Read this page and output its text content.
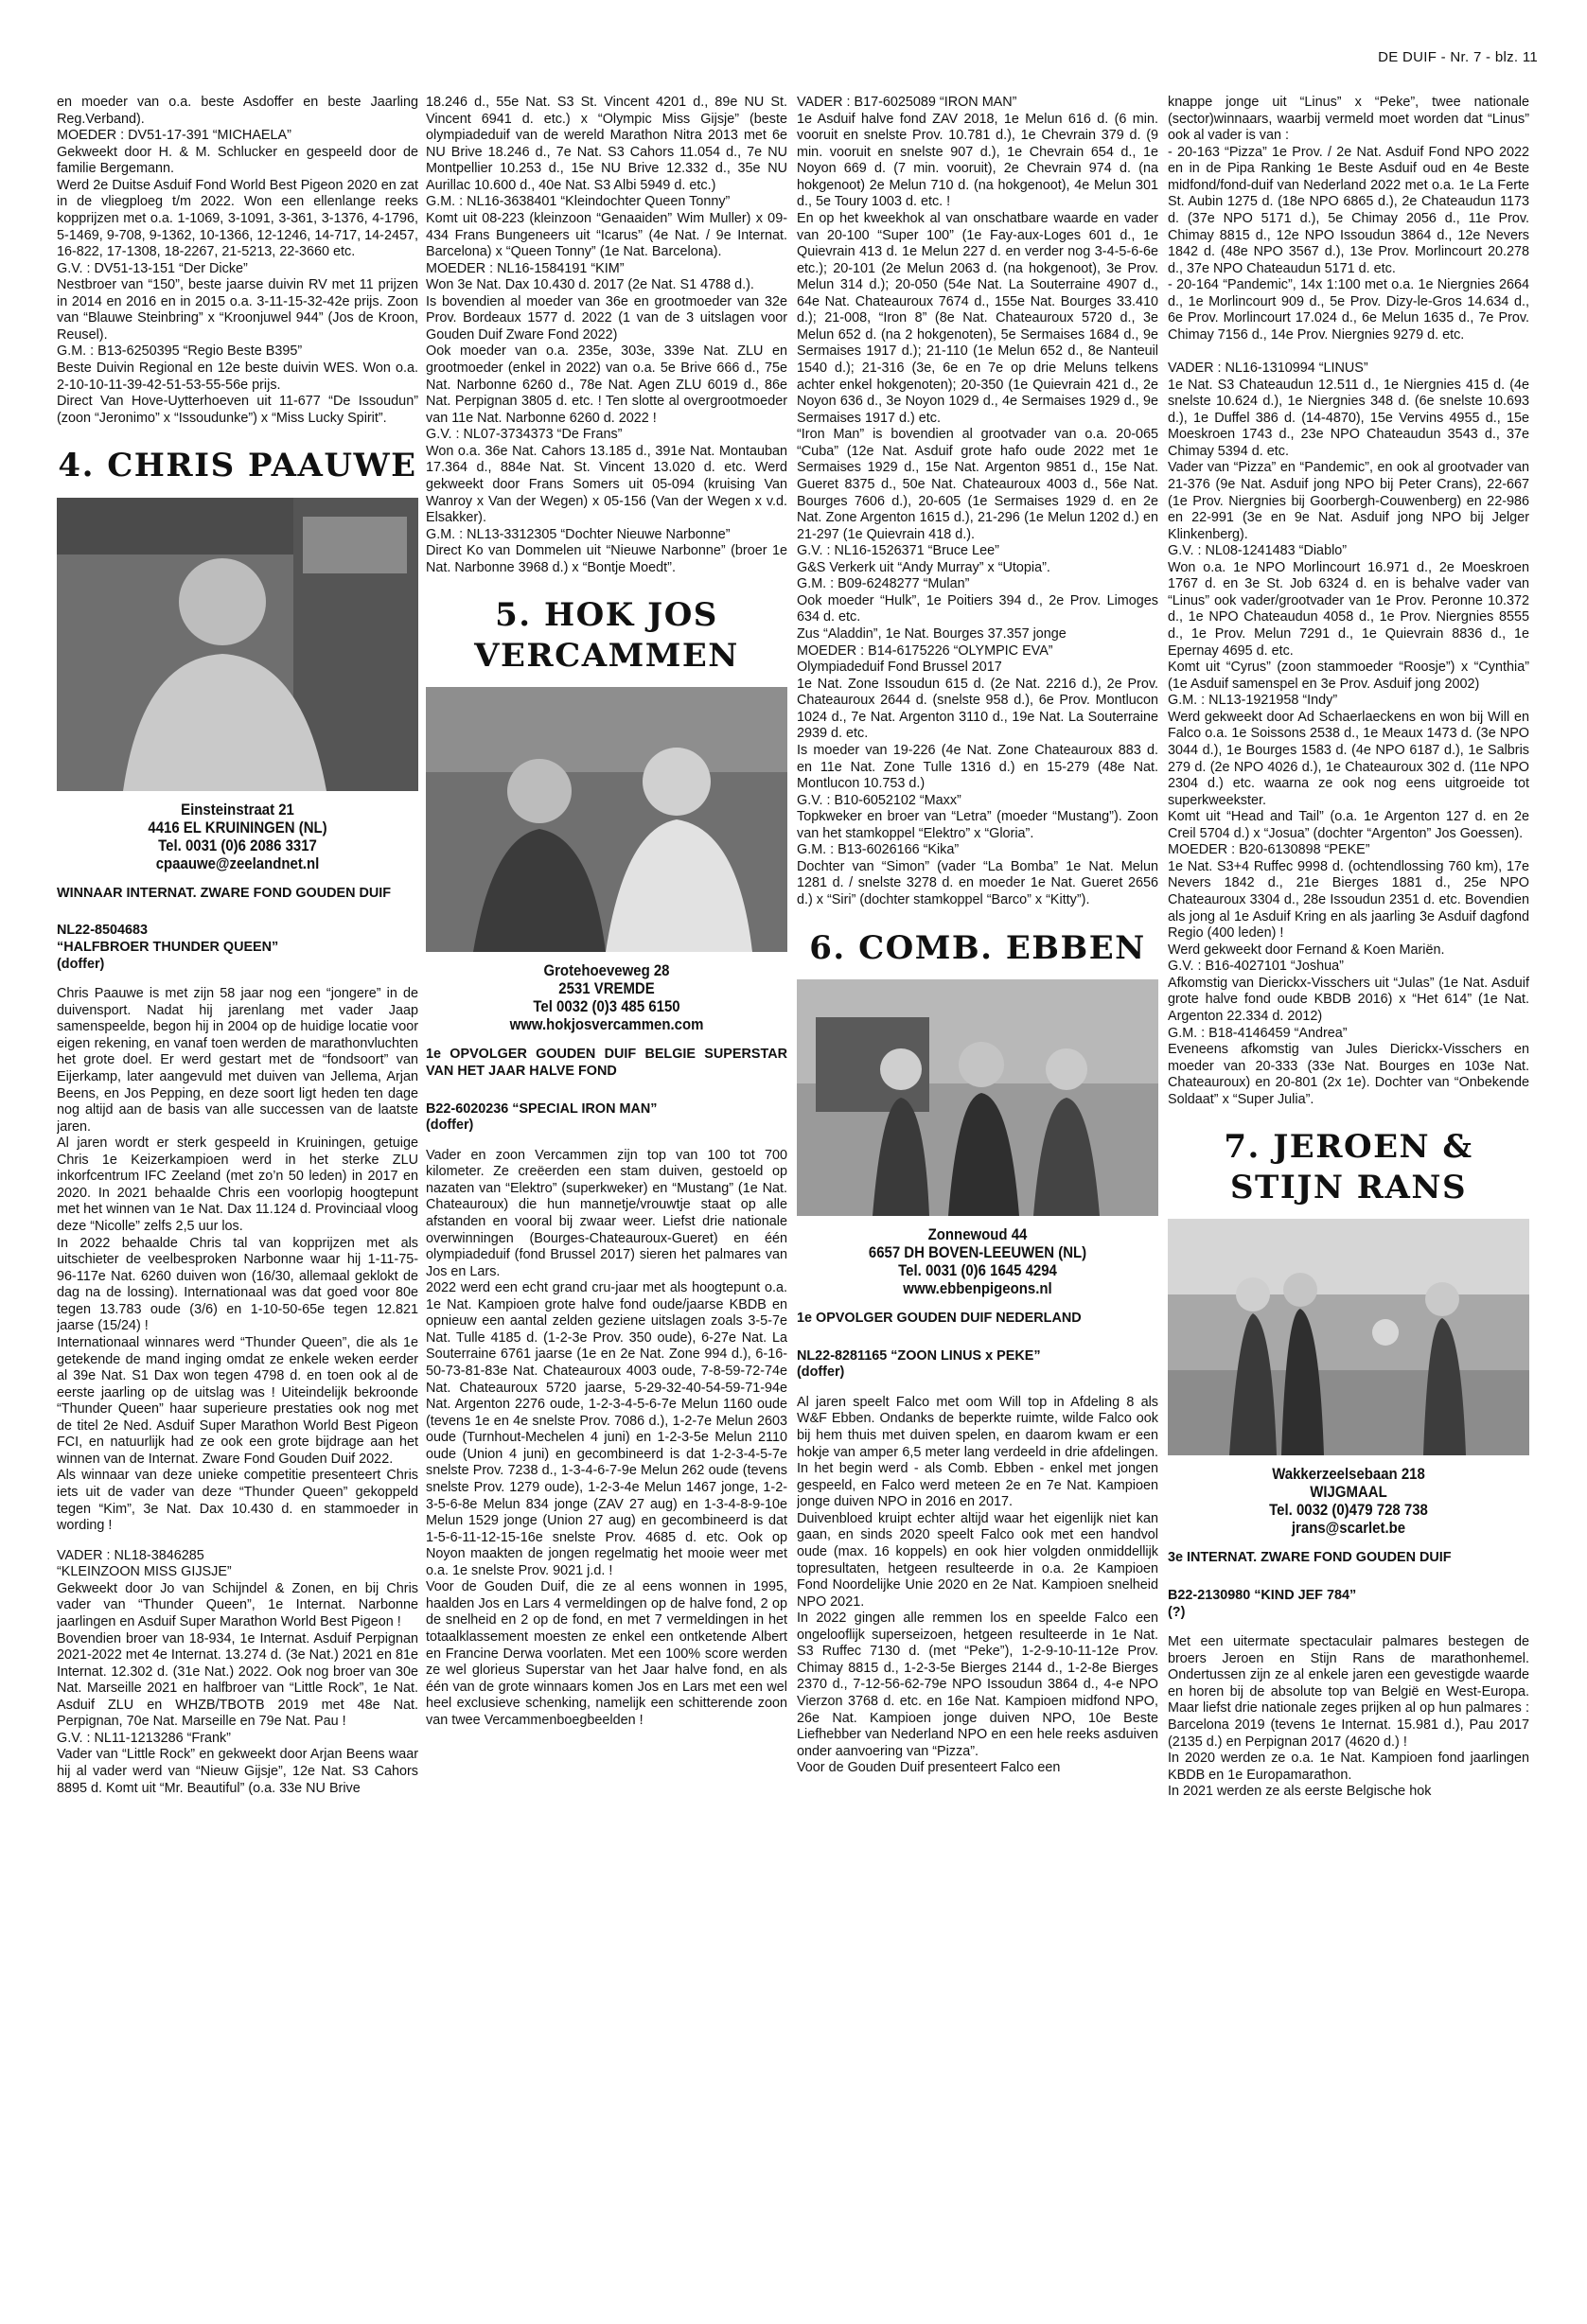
DE DUIF - Nr. 7 - blz. 11

en moeder van o.a. beste Asdoffer en beste Jaarling Reg.Verband).
MOEDER : DV51-17-391 “MICHAELA”
Gekweekt door H. & M. Schlucker en gespeeld door de familie Bergemann.
Werd 2e Duitse Asduif Fond World Best Pigeon 2020 en zat in de vliegploeg t/m 2022. Won een ellenlange reeks kopprijzen met o.a. 1-1069, 3-1091, 3-361, 3-1376, 4-1796, 5-1469, 9-708, 9-1362, 10-1366, 12-1246, 14-717, 14-2457, 16-822, 17-1308, 18-2267, 21-5213, 22-3660 etc.
G.V. : DV51-13-151 “Der Dicke”
Nestbroer van “150”, beste jaarse duivin RV met 11 prijzen in 2014 en 2016 en in 2015 o.a. 3-11-15-32-42e prijs. Zoon van “Blauwe Steinbring” x “Kroonjuwel 944” (Jos de Kroon, Reusel).
G.M. : B13-6250395 “Regio Beste B395”
Beste Duivin Regional en 12e beste duivin WES. Won o.a. 2-10-10-11-39-42-51-53-55-56e prijs.
Direct Van Hove-Uytterhoeven uit 11-677 “De Issoudun” (zoon “Jeronimo” x “Issoudunke”) x “Miss Lucky Spirit”.

4. CHRIS PAAUWE
Einsteinstraat 21
4416 EL KRUININGEN (NL)
Tel. 0031 (0)6 2086 3317
cpaauwe@zeelandnet.nl

WINNAAR INTERNAT. ZWARE FOND GOUDEN DUIF

NL22-8504683
“HALFBROER THUNDER QUEEN”
(doffer)

Chris Paauwe is met zijn 58 jaar nog een “jongere” in de duivensport. Nadat hij jarenlang met vader Jaap samenspeelde, begon hij in 2004 op de huidige locatie voor eigen rekening, en vanaf toen werden de marathonvluchten het grote doel. Er werd gestart met de “fondsoort” van Eijerkamp, later aangevuld met duiven van Jellema, Arjan Beens, en Jos Pepping, en deze soort ligt heden ten dage nog altijd aan de basis van alle successen van de laatste jaren.
Al jaren wordt er sterk gespeeld in Kruiningen, getuige Chris 1e Keizerkampioen werd in het sterke ZLU inkorfcentrum IFC Zeeland (met zo’n 50 leden) in 2017 en 2020. In 2021 behaalde Chris een voorlopig hoogtepunt met het winnen van 1e Nat. Dax 11.124 d. Provinciaal vloog deze “Nicolle” zelfs 2,5 uur los.
In 2022 behaalde Chris tal van kopprijzen met als uitschieter de veelbesproken Narbonne waar hij 1-11-75-96-117e Nat. 6260 duiven won (16/30, allemaal geklokt de dag na de lossing). Internationaal was dat goed voor 80e tegen 13.783 oude (3/6) en 1-10-50-65e tegen 12.821 jaarse (15/24) !
Internationaal winnares werd “Thunder Queen”, die als 1e getekende de mand inging omdat ze enkele weken eerder al 39e Nat. S1 Dax won tegen 4798 d. en toen ook al de eerste jaarling op de uitslag was ! Uiteindelijk bekroonde “Thunder Queen” haar superieure prestaties ook nog met de titel 2e Ned. Asduif Super Marathon World Best Pigeon FCI, en natuurlijk had ze ook een grote bijdrage aan het winnen van de Internat. Zware Fond Gouden Duif 2022.
Als winnaar van deze unieke competitie presenteert Chris iets uit de vader van deze “Thunder Queen” gekoppeld tegen “Kim”, 3e Nat. Dax 10.430 d. en stammoeder in wording !

VADER : NL18-3846285
“KLEINZOON MISS GIJSJE”
Gekweekt door Jo van Schijndel & Zonen, en bij Chris vader van “Thunder Queen”, 1e Internat. Narbonne jaarlingen en Asduif Super Marathon World Best Pigeon !
Bovendien broer van 18-934, 1e Internat. Asduif Perpignan 2021-2022 met 4e Internat. 13.274 d. (3e Nat.) 2021 en 81e Internat. 12.302 d. (31e Nat.) 2022. Ook nog broer van 30e Nat. Marseille 2021 en halfbroer van “Little Rock”, 1e Nat. Asduif ZLU en WHZB/TBOTB 2019 met 48e Nat. Perpignan, 70e Nat. Marseille en 79e Nat. Pau !
G.V. : NL11-1213286 “Frank”
Vader van “Little Rock” en gekweekt door Arjan Beens waar hij al vader werd van “Nieuw Gijsje”, 12e Nat. S3 Cahors 8895 d. Komt uit “Mr. Beautiful” (o.a. 33e NU Brive

18.246 d., 55e Nat. S3 St. Vincent 4201 d., 89e NU St. Vincent 6941 d. etc.) x “Olympic Miss Gijsje” (beste olympiadeduif van de wereld Marathon Nitra 2013 met 6e NU Brive 18.246 d., 7e Nat. S3 Cahors 11.054 d., 7e NU Montpellier 10.253 d., 15e NU Brive 12.332 d., 35e NU Aurillac 10.600 d., 40e Nat. S3 Albi 5949 d. etc.)
G.M. : NL16-3638401 “Kleindochter Queen Tonny”
Komt uit 08-223 (kleinzoon “Genaaiden” Wim Muller) x 09-434 Frans Bungeneers uit “Icarus” (4e Nat. / 9e Internat. Barcelona) x “Queen Tonny” (1e Nat. Barcelona).
MOEDER : NL16-1584191 “KIM”
Won 3e Nat. Dax 10.430 d. 2017 (2e Nat. S1 4788 d.).
Is bovendien al moeder van 36e en grootmoeder van 32e Prov. Bordeaux 1577 d. 2022 (1 van de 3 uitslagen voor Gouden Duif Zware Fond 2022)
Ook moeder van o.a. 235e, 303e, 339e Nat. ZLU en grootmoeder (enkel in 2022) van o.a. 5e Brive 666 d., 75e Nat. Narbonne 6260 d., 78e Nat. Agen ZLU 6019 d., 86e Nat. Perpignan 3805 d. etc. ! Ten slotte al overgrootmoeder van 11e Nat. Narbonne 6260 d. 2022 !
G.V. : NL07-3734373 “De Frans”
Won o.a. 36e Nat. Cahors 13.185 d., 391e Nat. Montauban 17.364 d., 884e Nat. St. Vincent 13.020 d. etc. Werd gekweekt door Frans Somers uit 05-094 (kruising Van Wanroy x Van der Wegen) x 05-156 (Van der Wegen x v.d. Elsakker).
G.M. : NL13-3312305 “Dochter Nieuwe Narbonne”
Direct Ko van Dommelen uit “Nieuwe Narbonne” (broer 1e Nat. Narbonne 3968 d.) x “Bontje Moedt”.

5. HOK JOS VERCAMMEN
Grotehoeveweg 28
2531 VREMDE
Tel 0032 (0)3 485 6150
www.hokjosvercammen.com

1e OPVOLGER GOUDEN DUIF BELGIE SUPERSTAR VAN HET JAAR HALVE FOND

B22-6020236 “SPECIAL IRON MAN”
(doffer)

Vader en zoon Vercammen zijn top van 100 tot 700 kilometer. Ze creëerden een stam duiven, gestoeld op nazaten van “Elektro” (superkweker) en “Mustang” (1e Nat. Chateauroux) die hun mannetje/vrouwtje staat op alle afstanden en vooral bij zwaar weer. Liefst drie nationale overwinningen (Bourges-Chateauroux-Gueret) en één olympiadeduif (fond Brussel 2017) sieren het palmares van Jos en Lars.
2022 werd een echt grand cru-jaar met als hoogtepunt o.a. 1e Nat. Kampioen grote halve fond oude/jaarse KBDB en opnieuw een aantal zelden geziene uitslagen zoals 3-5-7e Nat. Tulle 4185 d. (1-2-3e Prov. 350 oude), 6-27e Nat. La Souterraine 6761 jaarse (1e en 2e Nat. Zone 994 d.), 6-16-50-73-81-83e Nat. Chateauroux 4003 oude, 7-8-59-72-74e Nat. Chateauroux 5720 jaarse, 5-29-32-40-54-59-71-94e Nat. Argenton 2276 oude, 1-2-3-4-5-6-7e Melun 1160 oude (tevens 1e en 4e snelste Prov. 7086 d.), 1-2-7e Melun 2603 oude (Turnhout-Mechelen 4 juni) en 1-2-3-5e Melun 2110 oude (Union 4 juni) en gecombineerd is dat 1-2-3-4-5-7e snelste Prov. 7238 d., 1-3-4-6-7-9e Melun 262 oude (tevens snelste Prov. 1279 oude), 1-2-3-4e Melun 1467 jonge, 1-2-3-5-6-8e Melun 834 jonge (ZAV 27 aug) en 1-3-4-8-9-10e Melun 1529 jonge (Union 27 aug) en gecombineerd is dat 1-5-6-11-12-15-16e snelste Prov. 4685 d. etc. Ook op Noyon maakten de jongen regelmatig het mooie weer met o.a. 1e snelste Prov. 9021 j.d. !
Voor de Gouden Duif, die ze al eens wonnen in 1995, haalden Jos en Lars 4 vermeldingen op de halve fond, 2 op de snelheid en 2 op de fond, en met 7 vermeldingen in het totaalklassement moesten ze enkel een ontketende Albert en Francine Derwa voorlaten. Met een 100% score werden ze wel glorieus Superstar van het Jaar halve fond, en als één van de grote winnaars komen Jos en Lars met een wel heel exclusieve schenking, namelijk een schitterende zoon van twee Vercammenboegbeelden !

VADER : B17-6025089 “IRON MAN”
1e Asduif halve fond ZAV 2018, 1e Melun 616 d. (6 min. vooruit en snelste Prov. 10.781 d.), 1e Chevrain 379 d. (9 min. vooruit en snelste 907 d.), 1e Chevrain 654 d., 1e Noyon 669 d. (7 min. vooruit), 2e Chevrain 974 d. (na hokgenoot) 2e Melun 710 d. (na hokgenoot), 4e Melun 301 d., 5e Toury 1003 d. etc. !
En op het kweekhok al van onschatbare waarde en vader van 20-100 “Super 100” (1e Fay-aux-Loges 601 d., 1e Quievrain 413 d. 1e Melun 227 d. en verder nog 3-4-5-6-6e etc.); 20-101 (2e Melun 2063 d. (na hokgenoot), 3e Prov. Melun 314 d.); 20-050 (54e Nat. La Souterraine 4907 d., 64e Nat. Chateauroux 7674 d., 155e Nat. Bourges 33.410 d.); 21-008, “Iron 8” (8e Nat. Chateauroux 5720 d., 3e Melun 652 d. (na 2 hokgenoten), 5e Sermaises 1684 d., 9e Sermaises 1917 d.); 21-110 (1e Melun 652 d., 8e Nanteuil 1540 d.); 21-316 (3e, 6e en 7e op drie Meluns telkens achter enkel hokgenoten); 20-350 (1e Quievrain 421 d., 2e Noyon 636 d., 3e Noyon 1029 d., 4e Sermaises 1929 d., 9e Sermaises 1917 d.) etc.
“Iron Man” is bovendien al grootvader van o.a. 20-065 “Cuba” (12e Nat. Asduif grote hafo oude 2022 met 1e Sermaises 1929 d., 15e Nat. Argenton 9851 d., 15e Nat. Gueret 8375 d., 50e Nat. Chateauroux 4003 d., 56e Nat. Bourges 7606 d.), 20-605 (1e Sermaises 1929 d. en 2e Nat. Zone Argenton 1615 d.), 21-296 (1e Melun 1202 d.) en 21-297 (1e Quievrain 418 d.).
G.V. : NL16-1526371 “Bruce Lee”
G&S Verkerk uit “Andy Murray” x “Utopia”.
G.M. : B09-6248277 “Mulan”
Ook moeder “Hulk”, 1e Poitiers 394 d., 2e Prov. Limoges 634 d. etc.
Zus “Aladdin”, 1e Nat. Bourges 37.357 jonge
MOEDER : B14-6175226 “OLYMPIC EVA”
Olympiadeduif Fond Brussel 2017
1e Nat. Zone Issoudun 615 d. (2e Nat. 2216 d.), 2e Prov. Chateauroux 2644 d. (snelste 958 d.), 6e Prov. Montlucon 1024 d., 7e Nat. Argenton 3110 d., 19e Nat. La Souterraine 2939 d. etc.
Is moeder van 19-226 (4e Nat. Zone Chateauroux 883 d. en 11e Nat. Zone Tulle 1316 d.) en 15-279 (48e Nat. Montlucon 10.753 d.)
G.V. : B10-6052102 “Maxx”
Topkweker en broer van “Letra” (moeder “Mustang”). Zoon van het stamkoppel “Elektro” x “Gloria”.
G.M. : B13-6026166 “Kika”
Dochter van “Simon” (vader “La Bomba” 1e Nat. Melun 1281 d. / snelste 3278 d. en moeder 1e Nat. Gueret 2656 d.) x “Siri” (dochter stamkoppel “Barco” x “Kitty”).

6. COMB. EBBEN
Zonnewoud 44
6657 DH BOVEN-LEEUWEN (NL)
Tel. 0031 (0)6 1645 4294
www.ebbenpigeons.nl

1e OPVOLGER GOUDEN DUIF NEDERLAND

NL22-8281165 “ZOON LINUS x PEKE”
(doffer)

Al jaren speelt Falco met oom Will top in Afdeling 8 als W&F Ebben. Ondanks de beperkte ruimte, wilde Falco ook bij hem thuis met duiven spelen, en daarom kwam er een hokje van amper 6,5 meter lang verdeeld in drie afdelingen. In het begin werd - als Comb. Ebben - enkel met jongen gespeeld, en Falco werd meteen 2e en 7e Nat. Kampioen jonge duiven NPO in 2016 en 2017.
Duivenbloed kruipt echter altijd waar het eigenlijk niet kan gaan, en sinds 2020 speelt Falco ook met een handvol oude (max. 16 koppels) en ook hier volgden onmiddellijk topresultaten, hetgeen resulteerde in o.a. 2e Kampioen Fond Noordelijke Unie 2020 en 2e Nat. Kampioen snelheid NPO 2021.
In 2022 gingen alle remmen los en speelde Falco een ongelooflijk superseizoen, hetgeen resulteerde in 1e Nat. S3 Ruffec 7130 d. (met “Peke”), 1-2-9-10-11-12e Prov. Chimay 8815 d., 1-2-3-5e Bierges 2144 d., 1-2-8e Bierges 2370 d., 7-12-56-62-79e NPO Issoudun 3864 d., 4-e NPO Vierzon 3768 d. etc. en 16e Nat. Kampioen midfond NPO, 26e Nat. Kampioen jonge duiven NPO, 10e Beste Liefhebber van Nederland NPO en een hele reeks asduiven onder aanvoering van “Pizza”.
Voor de Gouden Duif presenteert Falco een

knappe jonge uit “Linus” x “Peke”, twee nationale (sector)winnaars, waarbij vermeld moet worden dat “Linus” ook al vader is van :
- 20-163 “Pizza” 1e Prov. / 2e Nat. Asduif Fond NPO 2022 en in de Pipa Ranking 1e Beste Asduif oud en 4e Beste midfond/fond-duif van Nederland 2022 met o.a. 1e La Ferte St. Aubin 1275 d. (18e NPO 6865 d.), 2e Chateaudun 1173 d. (37e NPO 5171 d.), 5e Chimay 2056 d., 11e Prov. Chimay 8815 d., 12e NPO Issoudun 3864 d., 12e Nevers 1842 d. (48e NPO 3567 d.), 13e Prov. Morlincourt 20.278 d., 37e NPO Chateaudun 5171 d. etc.
- 20-164 “Pandemic”, 14x 1:100 met o.a. 1e Niergnies 2664 d., 1e Morlincourt 909 d., 5e Prov. Dizy-le-Gros 14.634 d., 6e Prov. Morlincourt 17.024 d., 6e Melun 1635 d., 7e Prov. Chimay 7156 d., 14e Prov. Niergnies 9279 d. etc.

VADER : NL16-1310994 “LINUS”
1e Nat. S3 Chateaudun 12.511 d., 1e Niergnies 415 d. (4e snelste 10.624 d.), 1e Niergnies 348 d. (6e snelste 10.693 d.), 1e Duffel 386 d. (14-4870), 15e Vervins 4955 d., 15e Moeskroen 1743 d., 23e NPO Chateaudun 3543 d., 37e Chimay 5394 d. etc.
Vader van “Pizza” en “Pandemic”, en ook al grootvader van 21-376 (9e Nat. Asduif jong NPO bij Peter Crans), 22-667 (1e Prov. Niergnies bij Goorbergh-Couwenberg) en 22-986 en 22-991 (3e en 9e Nat. Asduif jong NPO bij Jelger Klinkenberg).
G.V. : NL08-1241483 “Diablo”
Won o.a. 1e NPO Morlincourt 16.971 d., 2e Moeskroen 1767 d. en 3e St. Job 6324 d. en is behalve vader van “Linus” ook vader/grootvader van 1e Prov. Peronne 10.372 d., 1e NPO Chateaudun 4058 d., 1e Prov. Niergnies 8555 d., 1e Prov. Melun 7291 d., 1e Quievrain 8836 d., 1e Epernay 4695 d. etc.
Komt uit “Cyrus” (zoon stammoeder “Roosje”) x “Cynthia” (1e Asduif samenspel en 3e Prov. Asduif jong 2002)
G.M. : NL13-1921958 “Indy”
Werd gekweekt door Ad Schaerlaeckens en won bij Will en Falco o.a. 1e Soissons 2538 d., 1e Meaux 1473 d. (3e NPO 3044 d.), 1e Bourges 1583 d. (4e NPO 6187 d.), 1e Salbris 279 d. (2e NPO 4026 d.), 1e Chateauroux 302 d. (11e NPO 2304 d.) etc. waarna ze ook nog eens uitgroeide tot superkweekster.
Komt uit “Head and Tail” (o.a. 1e Argenton 127 d. en 2e Creil 5704 d.) x “Josua” (dochter “Argenton” Jos Goessen).
MOEDER : B20-6130898 “PEKE”
1e Nat. S3+4 Ruffec 9998 d. (ochtendlossing 760 km), 17e Nevers 1842 d., 21e Bierges 1881 d., 25e NPO Chateauroux 3304 d., 28e Issoudun 2351 d. etc. Bovendien als jong al 1e Asduif Kring en als jaarling 3e Asduif dagfond Regio (400 leden) !
Werd gekweekt door Fernand & Koen Mariën.
G.V. : B16-4027101 “Joshua”
Afkomstig van Dierickx-Visschers uit “Julas” (1e Nat. Asduif grote halve fond oude KBDB 2016) x “Het 614” (1e Nat. Argenton 22.334 d. 2012)
G.M. : B18-4146459 “Andrea”
Eveneens afkomstig van Jules Dierickx-Visschers en moeder van 20-333 (33e Nat. Bourges en 103e Nat. Chateauroux) en 20-801 (2x 1e). Dochter van “Onbekende Soldaat” x “Super Julia”.

7. JEROEN & STIJN RANS
Wakkerzeelsebaan 218
WIJGMAAL
Tel. 0032 (0)479 728 738
jrans@scarlet.be

3e INTERNAT. ZWARE FOND GOUDEN DUIF

B22-2130980 “KIND JEF 784”
(?)

Met een uitermate spectaculair palmares bestegen de broers Jeroen en Stijn Rans de marathonhemel. Ondertussen zijn ze al enkele jaren een gevestigde waarde en horen bij de absolute top van België en West-Europa. Maar liefst drie nationale zeges prijken al op hun palmares : Barcelona 2019 (tevens 1e Internat. 15.981 d.), Pau 2017 (2135 d.) en Perpignan 2017 (4620 d.) !
In 2020 werden ze o.a. 1e Nat. Kampioen fond jaarlingen KBDB en 1e Europamarathon.
In 2021 werden ze als eerste Belgische hok
